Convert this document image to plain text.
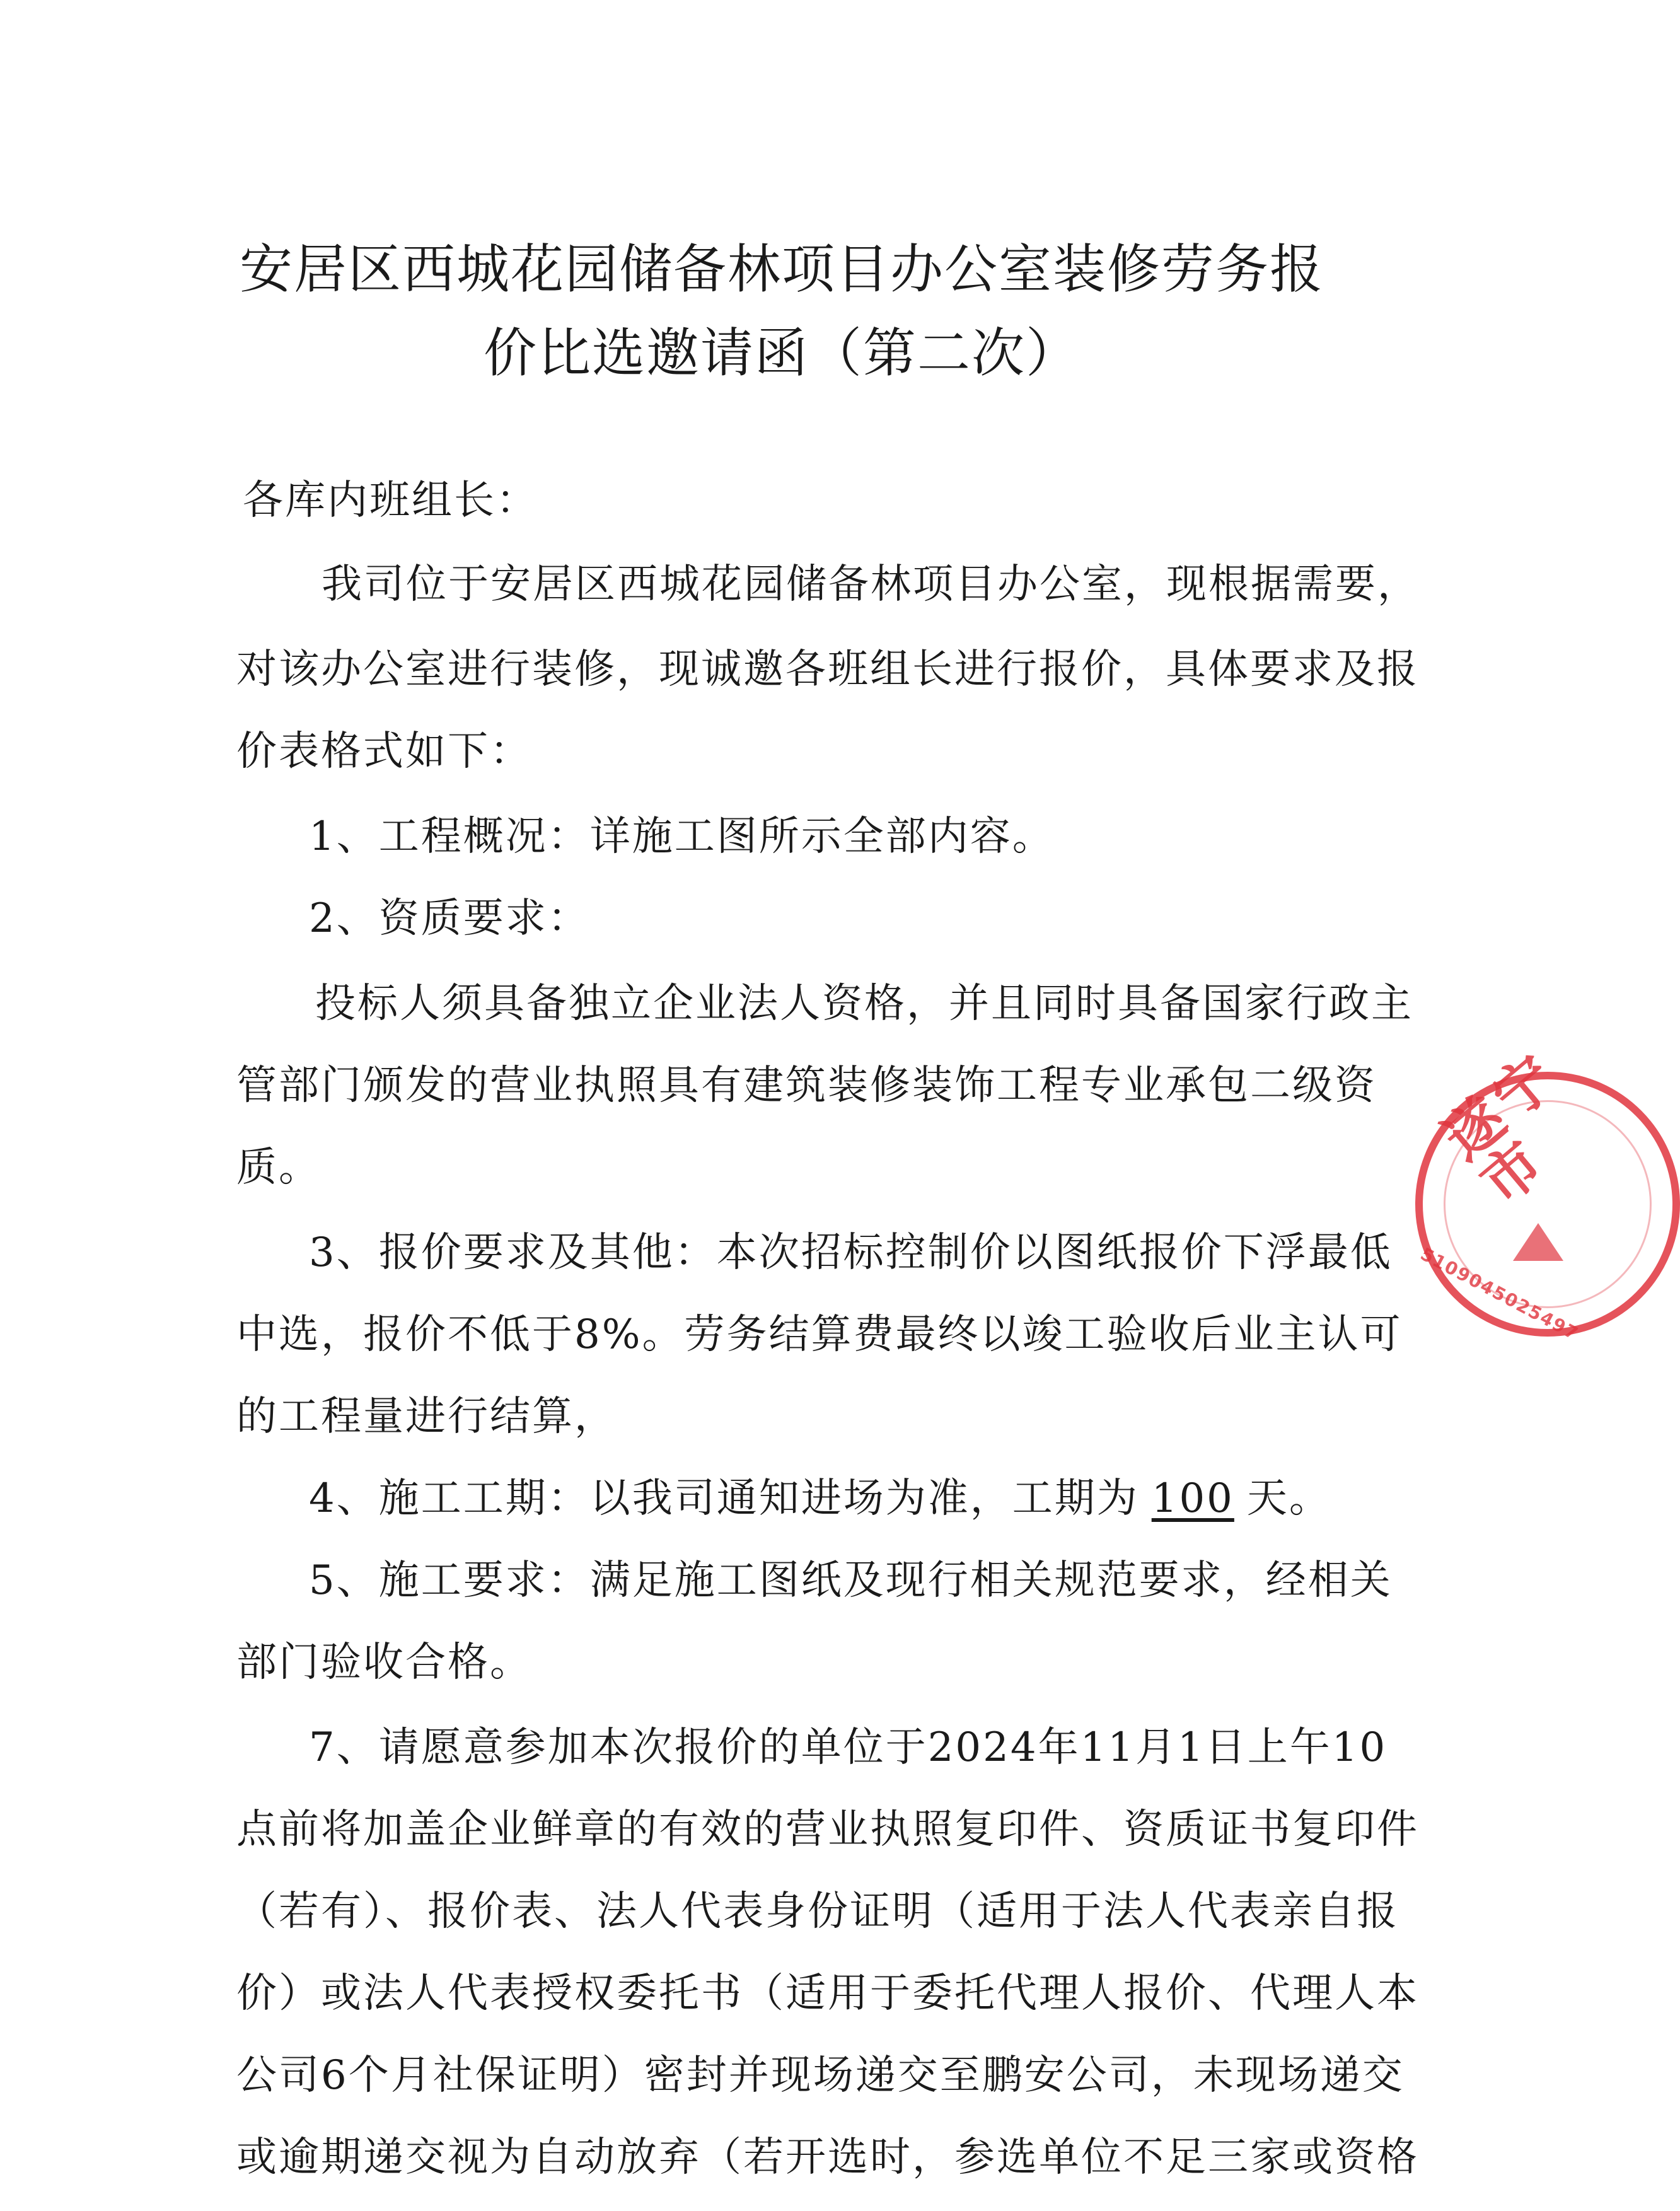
安居区西城花园储备林项目办公室装修劳务报
价比选邀请函（第二次）
各库内班组长：
我司位于安居区西城花园储备林项目办公室，现根据需要，
对该办公室进行装修，现诚邀各班组长进行报价，具体要求及报
价表格式如下：
1、工程概况：详施工图所示全部内容。
2、资质要求：
投标人须具备独立企业法人资格，并且同时具备国家行政主
管部门颁发的营业执照具有建筑装修装饰工程专业承包二级资
质。
3、报价要求及其他：本次招标控制价以图纸报价下浮最低
中选，报价不低于8%。劳务结算费最终以竣工验收后业主认可
的工程量进行结算，
4、施工工期：以我司通知进场为准，工期为 100 天。
5、施工要求：满足施工图纸及现行相关规范要求，经相关
部门验收合格。
7、请愿意参加本次报价的单位于2024年11月1日上午10
点前将加盖企业鲜章的有效的营业执照复印件、资质证书复印件
（若有）、报价表、法人代表身份证明（适用于法人代表亲自报
价）或法人代表授权委托书（适用于委托代理人报价、代理人本
公司6个月社保证明）密封并现场递交至鹏安公司，未现场递交
或逾期递交视为自动放弃（若开选时，参选单位不足三家或资格
遂宁市
5109045025497
